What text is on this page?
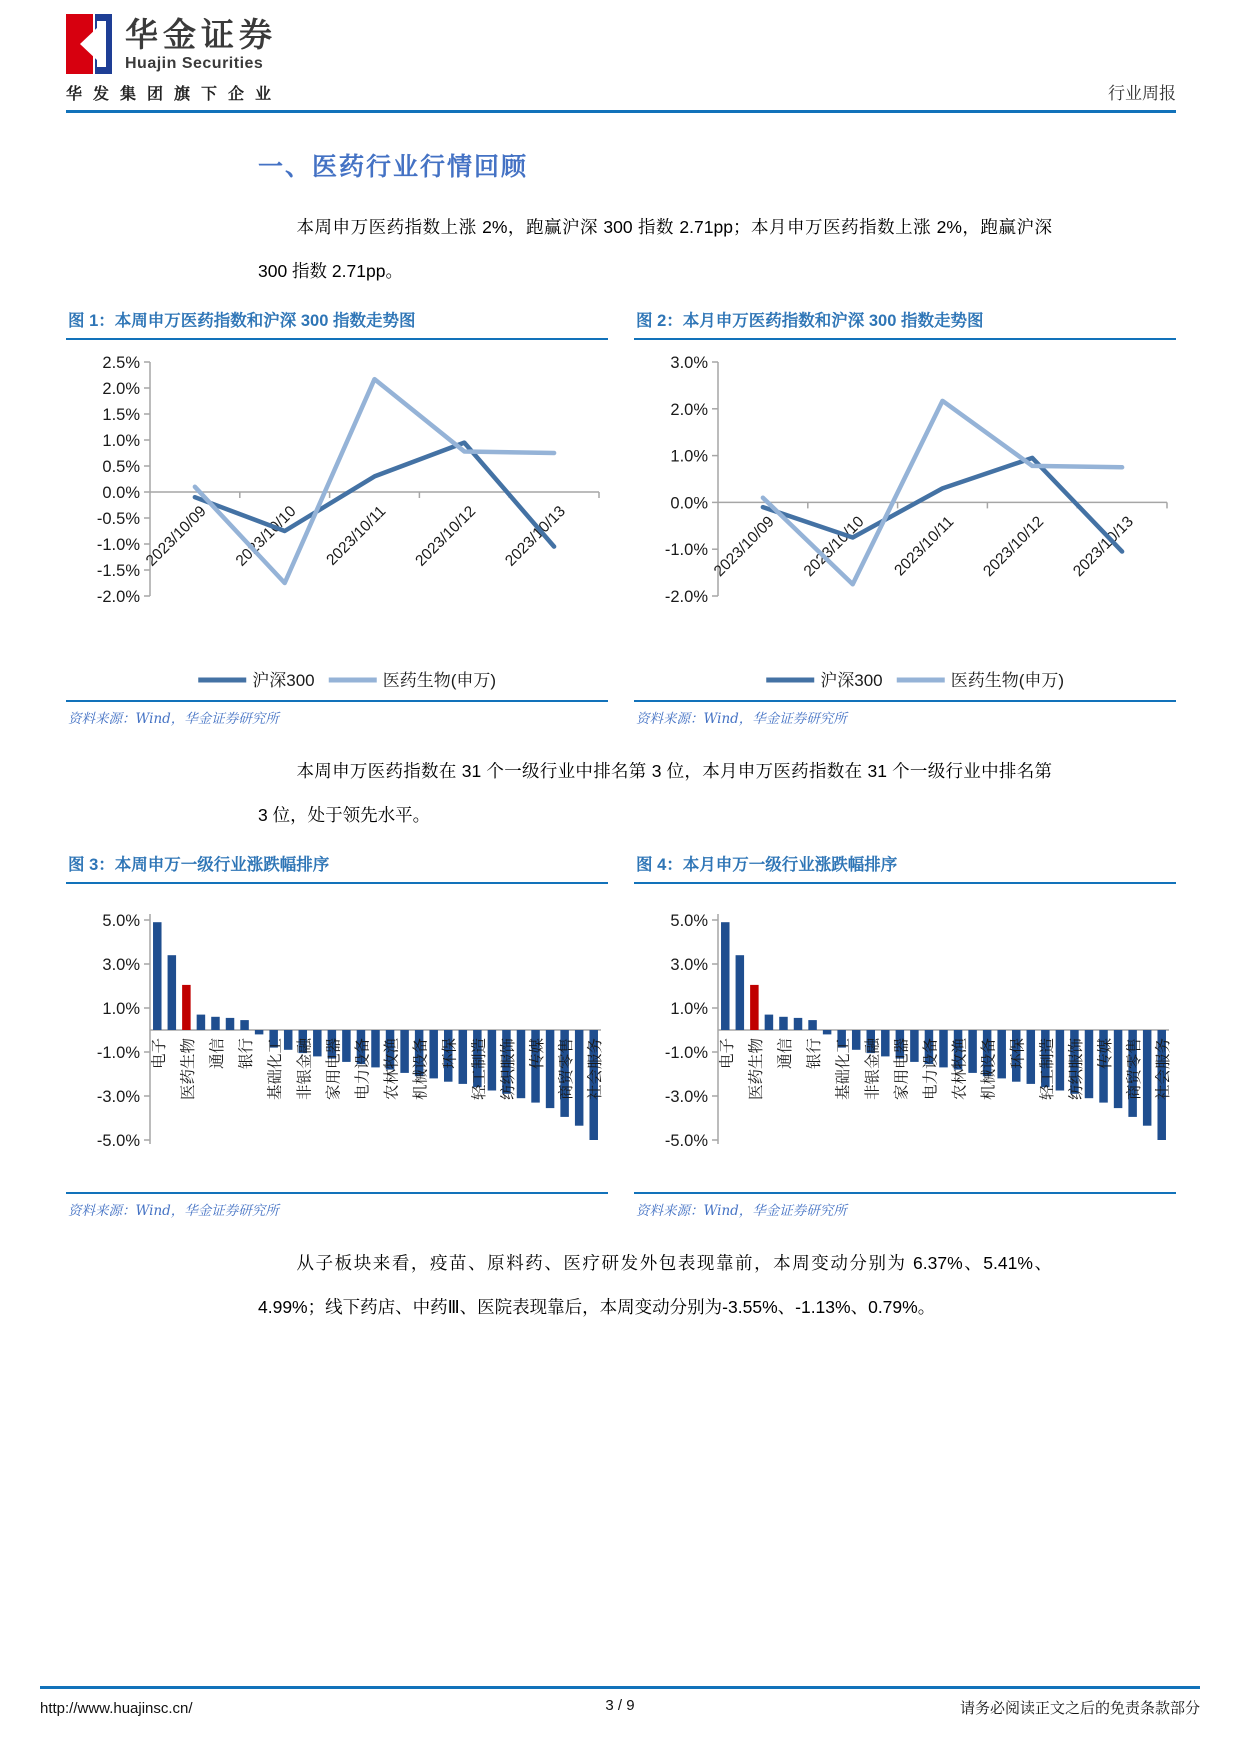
华金证券
Huajin Securities
华发集团旗下企业	行业周报
一、医药行业行情回顾

本周申万医药指数上涨 2%，跑赢沪深 300 指数 2.71pp；本月申万医药指数上涨 2%，跑赢沪深 300 指数 2.71pp。

图 1：本周申万医药指数和沪深 300 指数走势图
2.5%
2.0%
1.5%
1.0%
0.5%
0.0%
-0.5%
-1.0%
-1.5%
-2.0%
2023/10/09 2023/10/10 2023/10/11 2023/10/12 2023/10/13
沪深300	医药生物(申万)
资料来源：Wind，华金证券研究所
图 2：本月申万医药指数和沪深 300 指数走势图
3.0%
2.0%
1.0%
0.0%
-1.0%
-2.0%
2023/10/09 2023/10/10 2023/10/11 2023/10/12 2023/10/13
沪深300	医药生物(申万)
资料来源：Wind，华金证券研究所

本周申万医药指数在 31 个一级行业中排名第 3 位，本月申万医药指数在 31 个一级行业中排名第 3 位，处于领先水平。

图 3：本周申万一级行业涨跌幅排序
5.0%
3.0%
1.0%
-1.0%
-3.0%
-5.0%
电子 医药生物 通信 银行 基础化工 非银金融 家用电器 电力设备 农林牧渔 机械设备 环保 轻工制造 纺织服饰 传媒 商贸零售 社会服务
资料来源：Wind，华金证券研究所
图 4：本月申万一级行业涨跌幅排序
5.0%
3.0%
1.0%
-1.0%
-3.0%
-5.0%
电子 医药生物 通信 银行 基础化工 非银金融 家用电器 电力设备 农林牧渔 机械设备 环保 轻工制造 纺织服饰 传媒 商贸零售 社会服务
资料来源：Wind，华金证券研究所

从子板块来看，疫苗、原料药、医疗研发外包表现靠前，本周变动分别为 6.37%、5.41%、4.99%；线下药店、中药Ⅲ、医院表现靠后，本周变动分别为-3.55%、-1.13%、0.79%。

3 / 9
http://www.huajinsc.cn/	请务必阅读正文之后的免责条款部分
